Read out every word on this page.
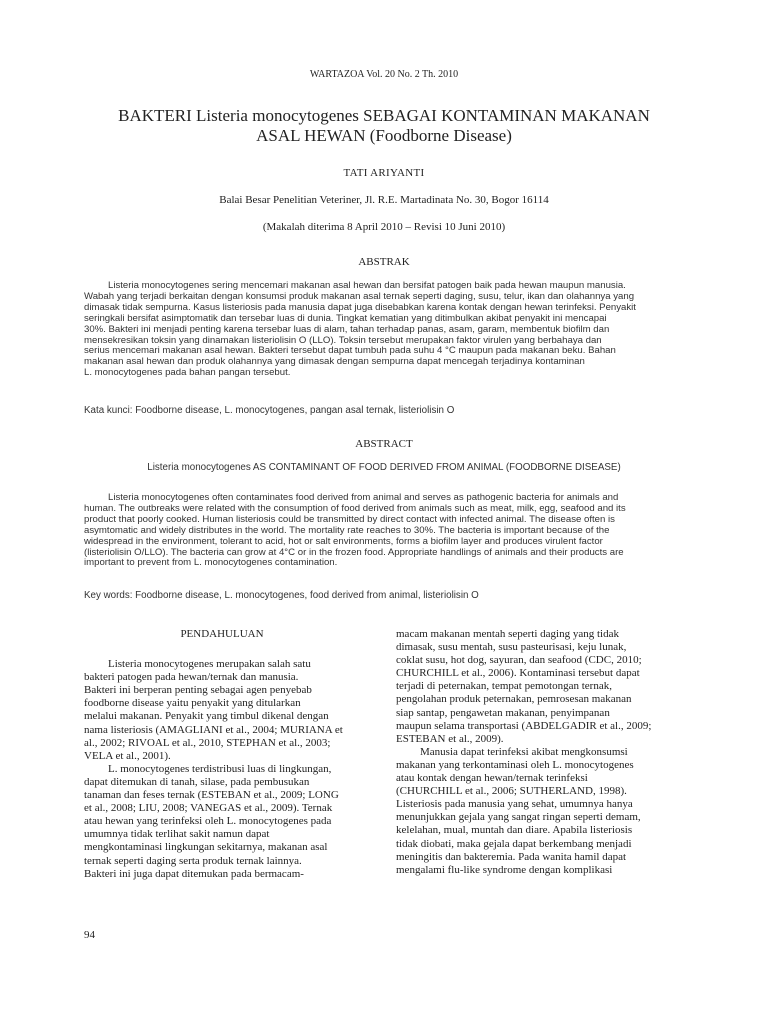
WARTAZOA Vol. 20 No. 2 Th. 2010
BAKTERI Listeria monocytogenes SEBAGAI KONTAMINAN MAKANAN
ASAL HEWAN (Foodborne Disease)
TATI ARIYANTI
Balai Besar Penelitian Veteriner, Jl. R.E. Martadinata No. 30, Bogor 16114
(Makalah diterima 8 April 2010 – Revisi 10 Juni 2010)
ABSTRAK
Listeria monocytogenes sering mencemari makanan asal hewan dan bersifat patogen baik pada hewan maupun manusia.
Wabah yang terjadi berkaitan dengan konsumsi produk makanan asal ternak seperti daging, susu, telur, ikan dan olahannya yang
dimasak tidak sempurna. Kasus listeriosis pada manusia dapat juga disebabkan karena kontak dengan hewan terinfeksi. Penyakit
seringkali bersifat asimptomatik dan tersebar luas di dunia. Tingkat kematian yang ditimbulkan akibat penyakit ini mencapai
30%. Bakteri ini menjadi penting karena tersebar luas di alam, tahan terhadap panas, asam, garam, membentuk biofilm dan
mensekresikan toksin yang dinamakan listeriolisin O (LLO). Toksin tersebut merupakan faktor virulen yang berbahaya dan
serius mencemari makanan asal hewan. Bakteri tersebut dapat tumbuh pada suhu 4 °C maupun pada makanan beku. Bahan
makanan asal hewan dan produk olahannya yang dimasak dengan sempurna dapat mencegah terjadinya kontaminan
L. monocytogenes pada bahan pangan tersebut.
Kata kunci: Foodborne disease, L. monocytogenes, pangan asal ternak, listeriolisin O
ABSTRACT
Listeria monocytogenes AS CONTAMINANT OF FOOD DERIVED FROM ANIMAL (FOODBORNE DISEASE)
Listeria monocytogenes often contaminates food derived from animal and serves as pathogenic bacteria for animals and
human. The outbreaks were related with the consumption of food derived from animals such as meat, milk, egg, seafood and its
product that poorly cooked. Human listeriosis could be transmitted by direct contact with infected animal. The disease often is
asymtomatic and widely distributes in the world. The mortality rate reaches to 30%. The bacteria is important because of the
widespread in the environment, tolerant to acid, hot or salt environments, forms a biofilm layer and produces virulent factor
(listeriolisin O/LLO). The bacteria can grow at 4°C or in the frozen food. Appropriate handlings of animals and their products are
important to prevent from L. monocytogenes contamination.
Key words: Foodborne disease, L. monocytogenes, food derived from animal, listeriolisin O
PENDAHULUAN
Listeria monocytogenes merupakan salah satu
bakteri patogen pada hewan/ternak dan manusia.
Bakteri ini berperan penting sebagai agen penyebab
foodborne disease yaitu penyakit yang ditularkan
melalui makanan. Penyakit yang timbul dikenal dengan
nama listeriosis (AMAGLIANI et al., 2004; MURIANA et
al., 2002; RIVOAL et al., 2010, STEPHAN et al., 2003;
VELA et al., 2001).
L. monocytogenes terdistribusi luas di lingkungan,
dapat ditemukan di tanah, silase, pada pembusukan
tanaman dan feses ternak (ESTEBAN et al., 2009; LONG
et al., 2008; LIU, 2008; VANEGAS et al., 2009). Ternak
atau hewan yang terinfeksi oleh L. monocytogenes pada
umumnya tidak terlihat sakit namun dapat
mengkontaminasi lingkungan sekitarnya, makanan asal
ternak seperti daging serta produk ternak lainnya.
Bakteri ini juga dapat ditemukan pada bermacam-
macam makanan mentah seperti daging yang tidak
dimasak, susu mentah, susu pasteurisasi, keju lunak,
coklat susu, hot dog, sayuran, dan seafood (CDC, 2010;
CHURCHILL et al., 2006). Kontaminasi tersebut dapat
terjadi di peternakan, tempat pemotongan ternak,
pengolahan produk peternakan, pemrosesan makanan
siap santap, pengawetan makanan, penyimpanan
maupun selama transportasi (ABDELGADIR et al., 2009;
ESTEBAN et al., 2009).
Manusia dapat terinfeksi akibat mengkonsumsi
makanan yang terkontaminasi oleh L. monocytogenes
atau kontak dengan hewan/ternak terinfeksi
(CHURCHILL et al., 2006; SUTHERLAND, 1998).
Listeriosis pada manusia yang sehat, umumnya hanya
menunjukkan gejala yang sangat ringan seperti demam,
kelelahan, mual, muntah dan diare. Apabila listeriosis
tidak diobati, maka gejala dapat berkembang menjadi
meningitis dan bakteremia. Pada wanita hamil dapat
mengalami flu-like syndrome dengan komplikasi
94
